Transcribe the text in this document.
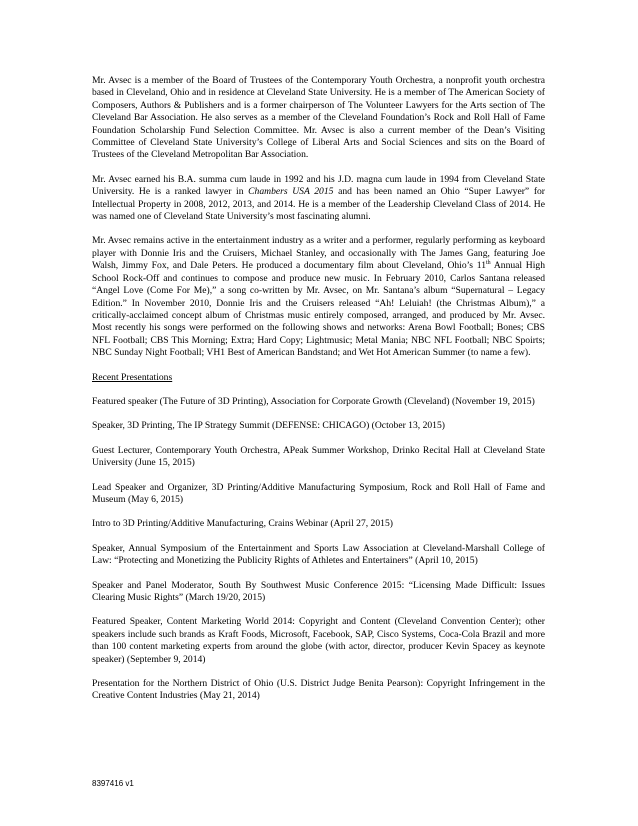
Mr. Avsec is a member of the Board of Trustees of the Contemporary Youth Orchestra, a nonprofit youth orchestra based in Cleveland, Ohio and in residence at Cleveland State University. He is a member of The American Society of Composers, Authors & Publishers and is a former chairperson of The Volunteer Lawyers for the Arts section of The Cleveland Bar Association. He also serves as a member of the Cleveland Foundation’s Rock and Roll Hall of Fame Foundation Scholarship Fund Selection Committee. Mr. Avsec is also a current member of the Dean’s Visiting Committee of Cleveland State University’s College of Liberal Arts and Social Sciences and sits on the Board of Trustees of the Cleveland Metropolitan Bar Association.

Mr. Avsec earned his B.A. summa cum laude in 1992 and his J.D. magna cum laude in 1994 from Cleveland State University. He is a ranked lawyer in Chambers USA 2015 and has been named an Ohio “Super Lawyer” for Intellectual Property in 2008, 2012, 2013, and 2014. He is a member of the Leadership Cleveland Class of 2014. He was named one of Cleveland State University’s most fascinating alumni.

Mr. Avsec remains active in the entertainment industry as a writer and a performer, regularly performing as keyboard player with Donnie Iris and the Cruisers, Michael Stanley, and occasionally with The James Gang, featuring Joe Walsh, Jimmy Fox, and Dale Peters. He produced a documentary film about Cleveland, Ohio’s 11th Annual High School Rock-Off and continues to compose and produce new music. In February 2010, Carlos Santana released “Angel Love (Come For Me),” a song co-written by Mr. Avsec, on Mr. Santana’s album “Supernatural – Legacy Edition.” In November 2010, Donnie Iris and the Cruisers released “Ah! Leluiah! (the Christmas Album),” a critically-acclaimed concept album of Christmas music entirely composed, arranged, and produced by Mr. Avsec. Most recently his songs were performed on the following shows and networks: Arena Bowl Football; Bones; CBS NFL Football; CBS This Morning; Extra; Hard Copy; Lightmusic; Metal Mania; NBC NFL Football; NBC Spoirts; NBC Sunday Night Football; VH1 Best of American Bandstand; and Wet Hot American Summer (to name a few).

Recent Presentations

Featured speaker (The Future of 3D Printing), Association for Corporate Growth (Cleveland) (November 19, 2015)

Speaker, 3D Printing, The IP Strategy Summit (DEFENSE: CHICAGO) (October 13, 2015)

Guest Lecturer, Contemporary Youth Orchestra, APeak Summer Workshop, Drinko Recital Hall at Cleveland State University (June 15, 2015)

Lead Speaker and Organizer, 3D Printing/Additive Manufacturing Symposium, Rock and Roll Hall of Fame and Museum (May 6, 2015)

Intro to 3D Printing/Additive Manufacturing, Crains Webinar (April 27, 2015)

Speaker, Annual Symposium of the Entertainment and Sports Law Association at Cleveland-Marshall College of Law: “Protecting and Monetizing the Publicity Rights of Athletes and Entertainers” (April 10, 2015)

Speaker and Panel Moderator, South By Southwest Music Conference 2015: “Licensing Made Difficult: Issues Clearing Music Rights” (March 19/20, 2015)

Featured Speaker, Content Marketing World 2014: Copyright and Content (Cleveland Convention Center); other speakers include such brands as Kraft Foods, Microsoft, Facebook, SAP, Cisco Systems, Coca-Cola Brazil and more than 100 content marketing experts from around the globe (with actor, director, producer Kevin Spacey as keynote speaker) (September 9, 2014)

Presentation for the Northern District of Ohio (U.S. District Judge Benita Pearson): Copyright Infringement in the Creative Content Industries (May 21, 2014)

8397416 v1
